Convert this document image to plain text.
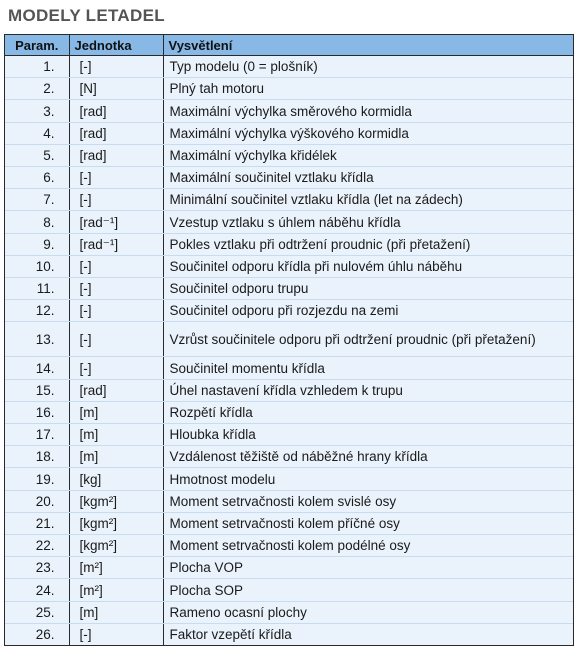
MODELY LETADEL
Param.	Jednotka	Vysvětlení
1.	[-]	Typ modelu (0 = plošník)
2.	[N]	Plný tah motoru
3.	[rad]	Maximální výchylka směrového kormidla
4.	[rad]	Maximální výchylka výškového kormidla
5.	[rad]	Maximální výchylka křidélek
6.	[-]	Maximální součinitel vztlaku křídla
7.	[-]	Minimální součinitel vztlaku křídla (let na zádech)
8.	[rad⁻¹]	Vzestup vztlaku s úhlem náběhu křídla
9.	[rad⁻¹]	Pokles vztlaku při odtržení proudnic (při přetažení)
10.	[-]	Součinitel odporu křídla při nulovém úhlu náběhu
11.	[-]	Součinitel odporu trupu
12.	[-]	Součinitel odporu při rozjezdu na zemi
13.	[-]	Vzrůst součinitele odporu při odtržení proudnic (při přetažení)
14.	[-]	Součinitel momentu křídla
15.	[rad]	Úhel nastavení křídla vzhledem k trupu
16.	[m]	Rozpětí křídla
17.	[m]	Hloubka křídla
18.	[m]	Vzdálenost těžiště od náběžné hrany křídla
19.	[kg]	Hmotnost modelu
20.	[kgm²]	Moment setrvačnosti kolem svislé osy
21.	[kgm²]	Moment setrvačnosti kolem příčné osy
22.	[kgm²]	Moment setrvačnosti kolem podélné osy
23.	[m²]	Plocha VOP
24.	[m²]	Plocha SOP
25.	[m]	Rameno ocasní plochy
26.	[-]	Faktor vzepětí křídla
